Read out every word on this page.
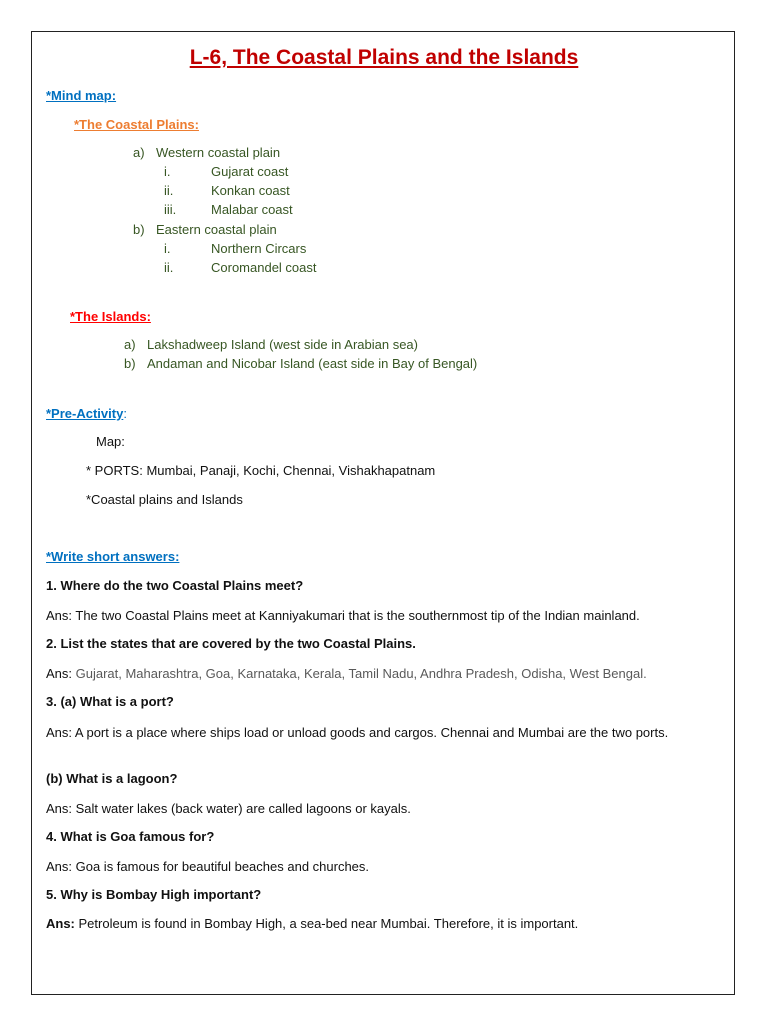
L-6, The Coastal Plains and the Islands
*Mind map:
*The Coastal Plains:
a) Western coastal plain
i.	Gujarat coast
ii.	Konkan coast
iii.	Malabar coast
b) Eastern coastal plain
i.	Northern Circars
ii.	Coromandel coast
*The Islands:
a) Lakshadweep Island (west side in Arabian sea)
b) Andaman and Nicobar Island (east side in Bay of Bengal)
*Pre-Activity:
Map:
* PORTS: Mumbai, Panaji, Kochi, Chennai, Vishakhapatnam
*Coastal plains and Islands
*Write short answers:
1. Where do the two Coastal Plains meet?
Ans: The two Coastal Plains meet at Kanniyakumari that is the southernmost tip of the Indian mainland.
2. List the states that are covered by the two Coastal Plains.
Ans: Gujarat, Maharashtra, Goa, Karnataka, Kerala, Tamil Nadu, Andhra Pradesh, Odisha, West Bengal.
3. (a) What is a port?
Ans: A port is a place where ships load or unload goods and cargos. Chennai and Mumbai are the two ports.
(b) What is a lagoon?
Ans: Salt water lakes (back water) are called lagoons or kayals.
4. What is Goa famous for?
Ans: Goa is famous for beautiful beaches and churches.
5. Why is Bombay High important?
Ans: Petroleum is found in Bombay High, a sea-bed near Mumbai. Therefore, it is important.
